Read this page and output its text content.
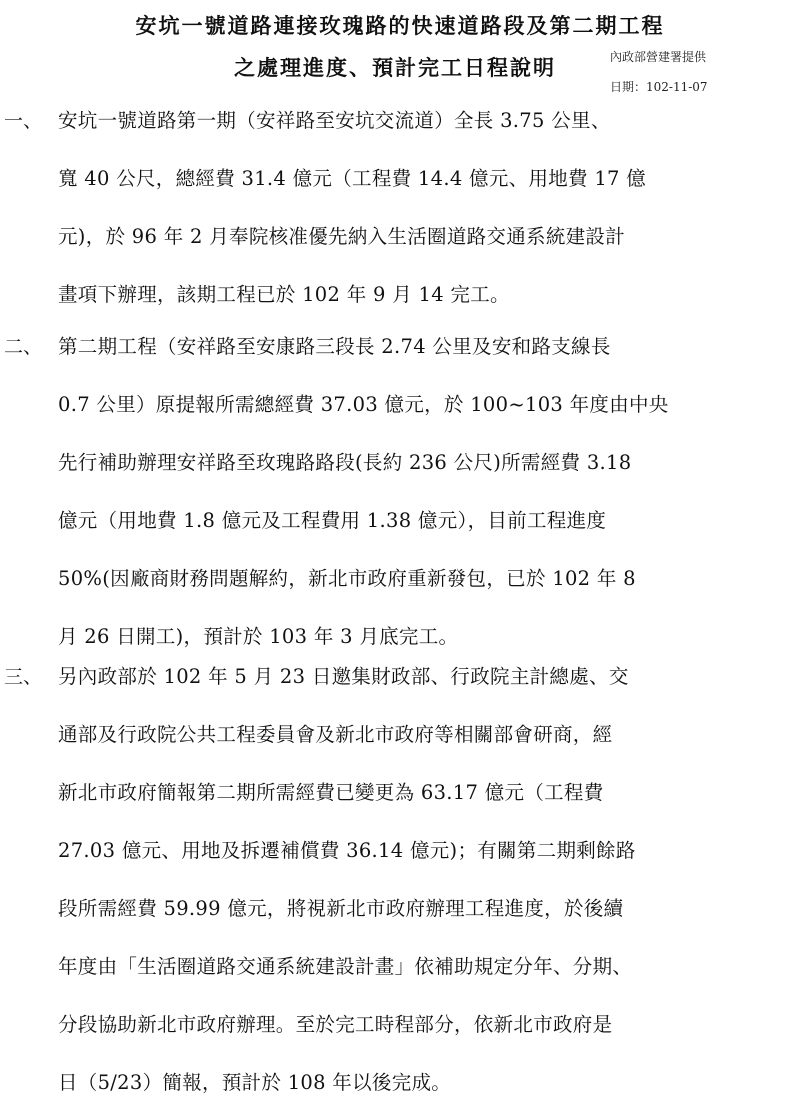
安坑一號道路連接玫瑰路的快速道路段及第二期工程
之處理進度、預計完工日程說明	內政部營建署提供
日期：102-11-07
一、 安坑一號道路第一期（安祥路至安坑交流道）全長 3.75 公里、
寬 40 公尺，總經費 31.4 億元（工程費 14.4 億元、用地費 17 億
元)，於 96 年 2 月奉院核准優先納入生活圈道路交通系統建設計
畫項下辦理，該期工程已於 102 年 9 月 14 完工。
二、 第二期工程（安祥路至安康路三段長 2.74 公里及安和路支線長
0.7 公里）原提報所需總經費 37.03 億元，於 100~103 年度由中央
先行補助辦理安祥路至玫瑰路路段(長約 236 公尺)所需經費 3.18
億元（用地費 1.8 億元及工程費用 1.38 億元），目前工程進度
50%(因廠商財務問題解約，新北市政府重新發包，已於 102 年 8
月 26 日開工)，預計於 103 年 3 月底完工。
三、 另內政部於 102 年 5 月 23 日邀集財政部、行政院主計總處、交
通部及行政院公共工程委員會及新北市政府等相關部會研商，經
新北市政府簡報第二期所需經費已變更為 63.17 億元（工程費
27.03 億元、用地及拆遷補償費 36.14 億元)；有關第二期剩餘路
段所需經費 59.99 億元，將視新北市政府辦理工程進度，於後續
年度由「生活圈道路交通系統建設計畫」依補助規定分年、分期、
分段協助新北市政府辦理。至於完工時程部分，依新北市政府是
日（5/23）簡報，預計於 108 年以後完成。
